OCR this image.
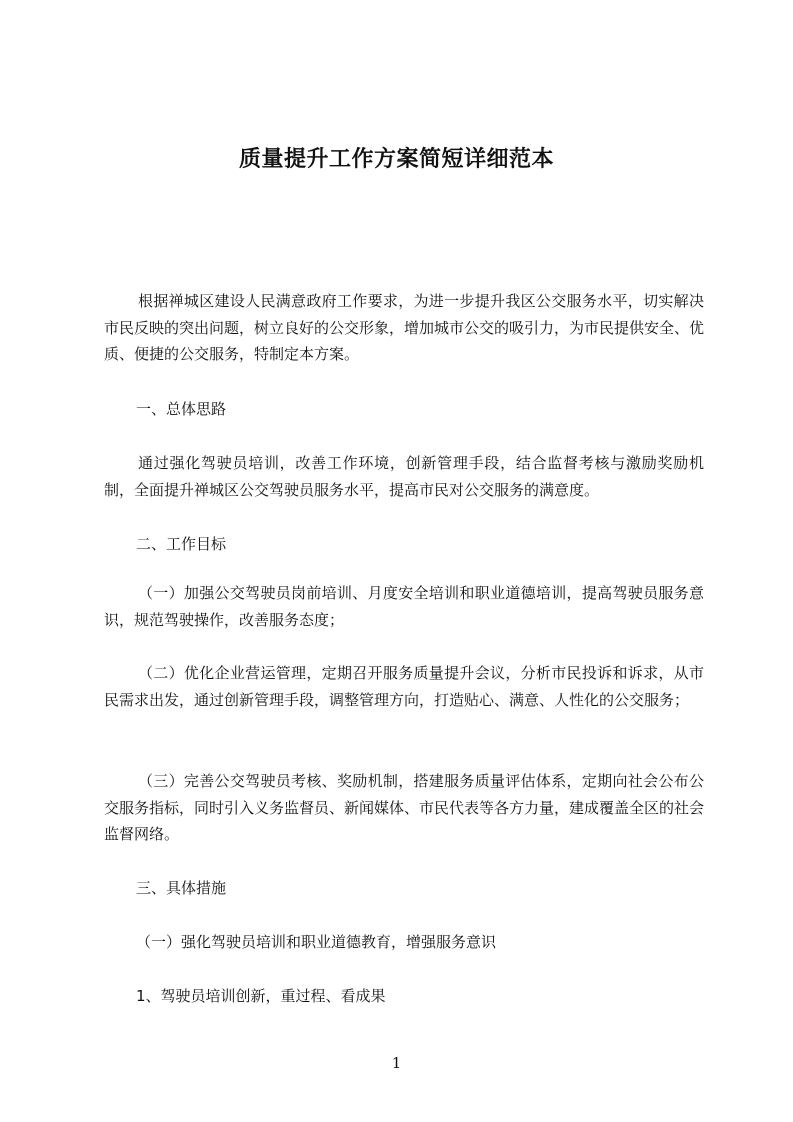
质量提升工作方案简短详细范本

根据禅城区建设人民满意政府工作要求，为进一步提升我区公交服务水平，切实解决市民反映的突出问题，树立良好的公交形象，增加城市公交的吸引力，为市民提供安全、优质、便捷的公交服务，特制定本方案。

一、总体思路

通过强化驾驶员培训，改善工作环境，创新管理手段，结合监督考核与激励奖励机制，全面提升禅城区公交驾驶员服务水平，提高市民对公交服务的满意度。

二、工作目标

（一）加强公交驾驶员岗前培训、月度安全培训和职业道德培训，提高驾驶员服务意识，规范驾驶操作，改善服务态度；

（二）优化企业营运管理，定期召开服务质量提升会议，分析市民投诉和诉求，从市民需求出发，通过创新管理手段，调整管理方向，打造贴心、满意、人性化的公交服务；

（三）完善公交驾驶员考核、奖励机制，搭建服务质量评估体系，定期向社会公布公交服务指标，同时引入义务监督员、新闻媒体、市民代表等各方力量，建成覆盖全区的社会监督网络。

三、具体措施

（一）强化驾驶员培训和职业道德教育，增强服务意识

1、驾驶员培训创新，重过程、看成果

1
